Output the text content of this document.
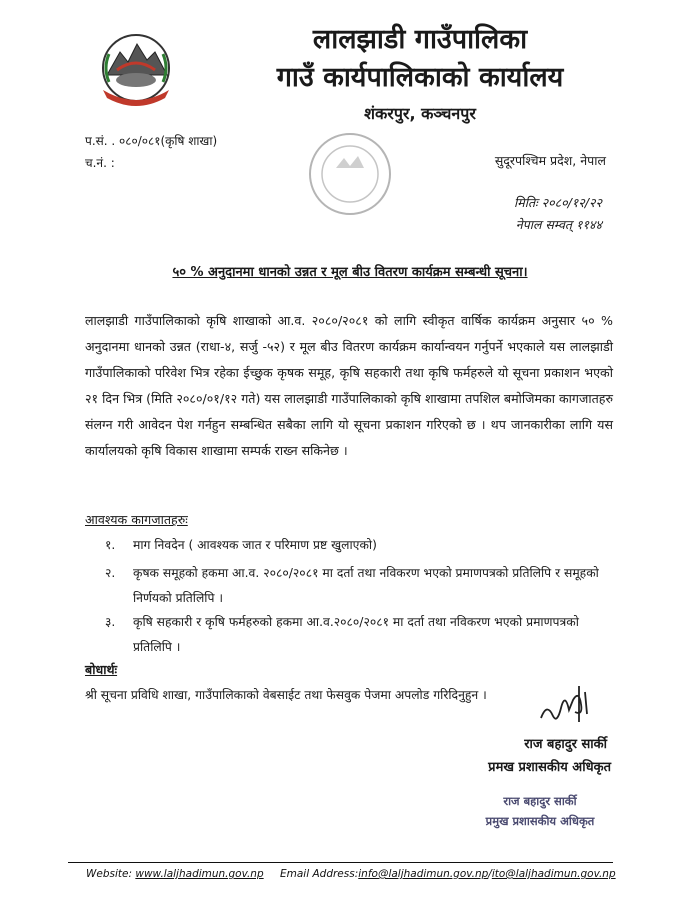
लालझाडी गाउँपालिका
गाउँ कार्यपालिकाको कार्यालय
शंकरपुर, कञ्चनपुर
प.सं. . ०८०/०८१(कृषि शाखा)
च.नं. :	सुदूरपश्चिम प्रदेश, नेपाल
मितिः २०८०/१२/२२
नेपाल सम्वत् ११४४
५० % अनुदानमा धानको उन्नत र मूल बीउ वितरण कार्यक्रम सम्बन्धी सूचना।
लालझाडी गाउँपालिकाको कृषि शाखाको आ.व. २०८०/२०८१ को लागि स्वीकृत वार्षिक कार्यक्रम अनुसार ५० % अनुदानमा धानको उन्नत (राधा-४, सर्जु -५२) र मूल बीउ वितरण कार्यक्रम कार्यान्वयन गर्नुपर्ने भएकाले यस लालझाडी गाउँपालिकाको परिवेश भित्र रहेका ईच्छुक कृषक समूह, कृषि सहकारी तथा कृषि फर्महरुले यो सूचना प्रकाशन भएको २१ दिन भित्र (मिति २०८०/०१/१२ गते) यस लालझाडी गाउँपालिकाको कृषि शाखामा तपशिल बमोजिमका कागजातहरु संलग्न गरी आवेदन पेश गर्नहुन सम्बन्धित सबैका लागि यो सूचना प्रकाशन गरिएको छ । थप जानकारीका लागि यस कार्यालयको कृषि विकास शाखामा सम्पर्क राख्न सकिनेछ ।
आवश्यक कागजातहरुः
१. माग निवदेन ( आवश्यक जात र परिमाण प्रष्ट खुलाएको)
२. कृषक समूहको हकमा आ.व. २०८०/२०८१ मा दर्ता तथा नविकरण भएको प्रमाणपत्रको प्रतिलिपि र समूहको निर्णयको प्रतिलिपि ।
३. कृषि सहकारी र कृषि फर्महरुको हकमा आ.व.२०८०/२०८१ मा दर्ता तथा नविकरण भएको प्रमाणपत्रको प्रतिलिपि ।
बोधार्थः
श्री सूचना प्रविधि शाखा, गाउँपालिकाको वेबसाईट तथा फेसवुक पेजमा अपलोड गरिदिनुहुन ।
राज बहादुर सार्की
प्रमख प्रशासकीय अधिकृत
राज बहादुर सार्की
प्रमुख प्रशासकीय अधिकृत
Website: www.laljhadimun.gov.np Email Address:info@laljhadimun.gov.np/ito@laljhadimun.gov.np
